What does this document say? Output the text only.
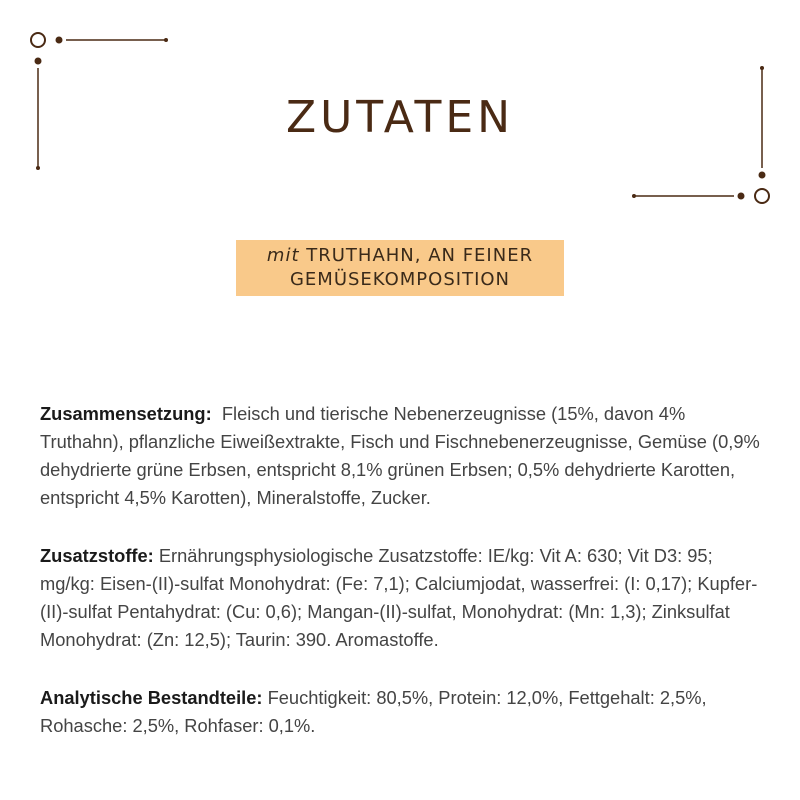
ZUTATEN
mit TRUTHAHN, AN FEINER
GEMÜSEKOMPOSITION

Zusammensetzung: Fleisch und tierische Nebenerzeugnisse (15%, davon 4% Truthahn), pflanzliche Eiweißextrakte, Fisch und Fischnebenerzeugnisse, Gemüse (0,9% dehydrierte grüne Erbsen, entspricht 8,1% grünen Erbsen; 0,5% dehydrierte Karotten, entspricht 4,5% Karotten), Mineralstoffe, Zucker.

Zusatzstoffe: Ernährungsphysiologische Zusatzstoffe: IE/kg: Vit A: 630; Vit D3: 95; mg/kg: Eisen-(II)-sulfat Monohydrat: (Fe: 7,1); Calciumjodat, wasserfrei: (I: 0,17); Kupfer-(II)-sulfat Pentahydrat: (Cu: 0,6); Mangan-(II)-sulfat, Monohydrat: (Mn: 1,3); Zinksulfat Monohydrat: (Zn: 12,5); Taurin: 390. Aromastoffe.

Analytische Bestandteile: Feuchtigkeit: 80,5%, Protein: 12,0%, Fettgehalt: 2,5%, Rohasche: 2,5%, Rohfaser: 0,1%.
